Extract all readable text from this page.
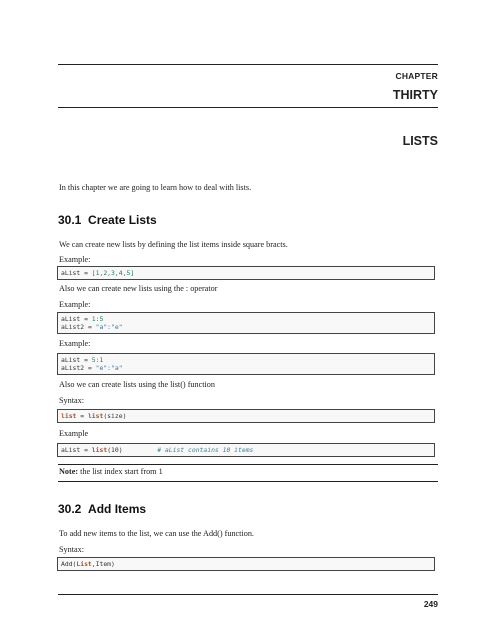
CHAPTER
THIRTY
LISTS
In this chapter we are going to learn how to deal with lists.
30.1 Create Lists
We can create new lists by defining the list items inside square bracts.
Example:
aList = [1,2,3,4,5]
Also we can create new lists using the : operator
Example:
aList = 1:5
aList2 = "a":"e"
Example:
aList = 5:1
aList2 = "e":"a"
Also we can create lists using the list() function
Syntax:
list = list(size)
Example
aList = list(10)	# aList contains 10 items
Note: the list index start from 1
30.2 Add Items
To add new items to the list, we can use the Add() function.
Syntax:
Add(List,Item)
249
